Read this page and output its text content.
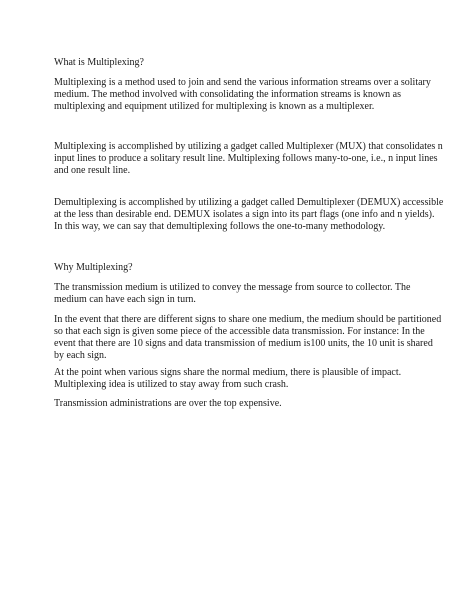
What is Multiplexing?

Multiplexing is a method used to join and send the various information streams over a solitary
medium. The method involved with consolidating the information streams is known as
multiplexing and equipment utilized for multiplexing is known as a multiplexer.

Multiplexing is accomplished by utilizing a gadget called Multiplexer (MUX) that consolidates n
input lines to produce a solitary result line. Multiplexing follows many-to-one, i.e., n input lines
and one result line.

Demultiplexing is accomplished by utilizing a gadget called Demultiplexer (DEMUX) accessible
at the less than desirable end. DEMUX isolates a sign into its part flags (one info and n yields).
In this way, we can say that demultiplexing follows the one-to-many methodology.

Why Multiplexing?

The transmission medium is utilized to convey the message from source to collector. The
medium can have each sign in turn.

In the event that there are different signs to share one medium, the medium should be partitioned
so that each sign is given some piece of the accessible data transmission. For instance: In the
event that there are 10 signs and data transmission of medium is100 units, the 10 unit is shared
by each sign.

At the point when various signs share the normal medium, there is plausible of impact.
Multiplexing idea is utilized to stay away from such crash.

Transmission administrations are over the top expensive.
